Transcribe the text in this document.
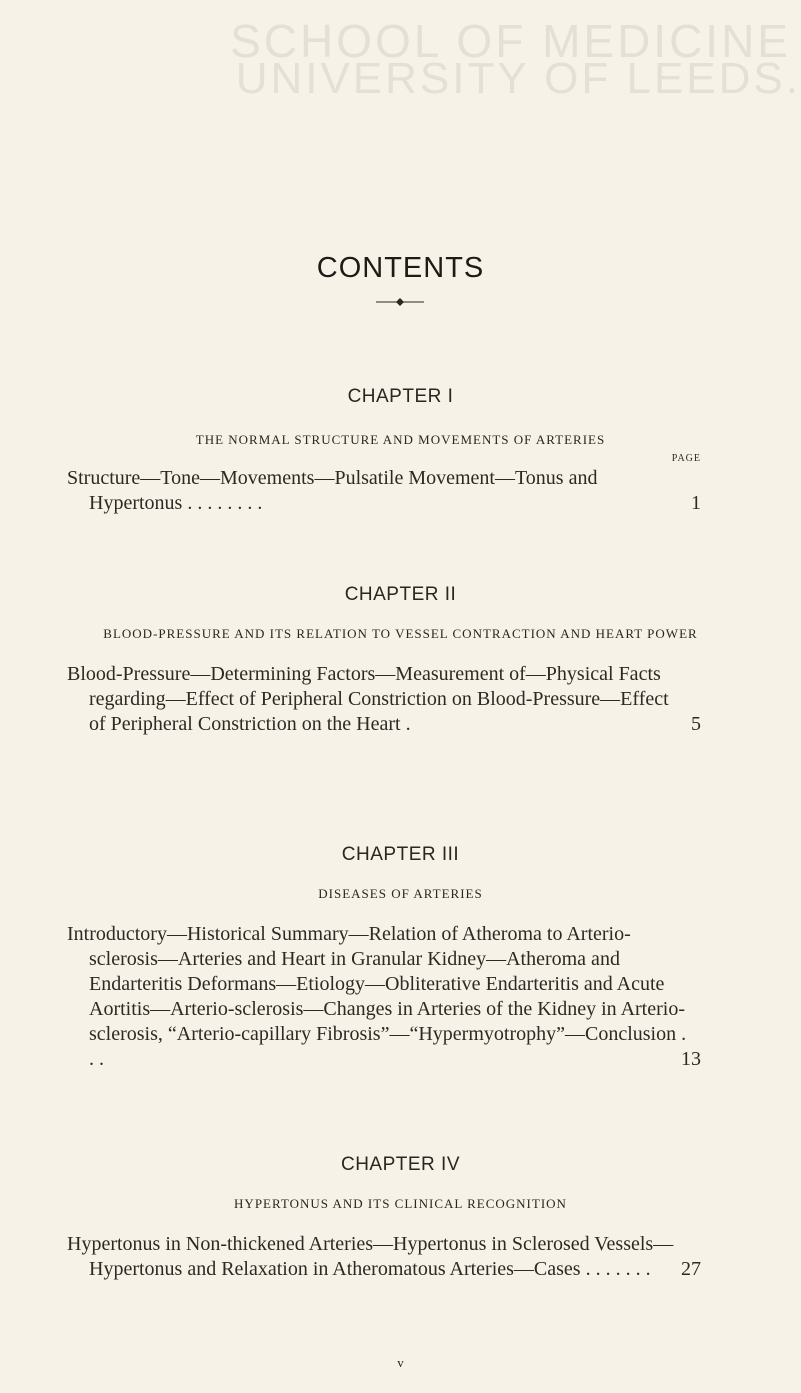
SCHOOL OF MEDICINE
UNIVERSITY OF LEEDS.
CONTENTS

CHAPTER I

THE NORMAL STRUCTURE AND MOVEMENTS OF ARTERIES

PAGE
Structure—Tone—Movements—Pulsatile Movement—Tonus and Hypertonus . . . . . . . .	1

CHAPTER II

BLOOD-PRESSURE AND ITS RELATION TO VESSEL CONTRACTION AND HEART POWER

Blood-Pressure—Determining Factors—Measurement of—Physical Facts regarding—Effect of Peripheral Constriction on Blood-Pressure—Effect of Peripheral Constriction on the Heart .	5

CHAPTER III

DISEASES OF ARTERIES

Introductory—Historical Summary—Relation of Atheroma to Arterio-sclerosis—Arteries and Heart in Granular Kidney—Atheroma and Endarteritis Deformans—Etiology—Obliterative Endarteritis and Acute Aortitis—Arterio-sclerosis—Changes in Arteries of the Kidney in Arterio-sclerosis, “Arterio-capillary Fibrosis”—“Hypermyotrophy”—Conclusion . . .	13

CHAPTER IV

HYPERTONUS AND ITS CLINICAL RECOGNITION

Hypertonus in Non-thickened Arteries—Hypertonus in Sclerosed Vessels—Hypertonus and Relaxation in Atheromatous Arteries—Cases . . . . . . . 27
v
